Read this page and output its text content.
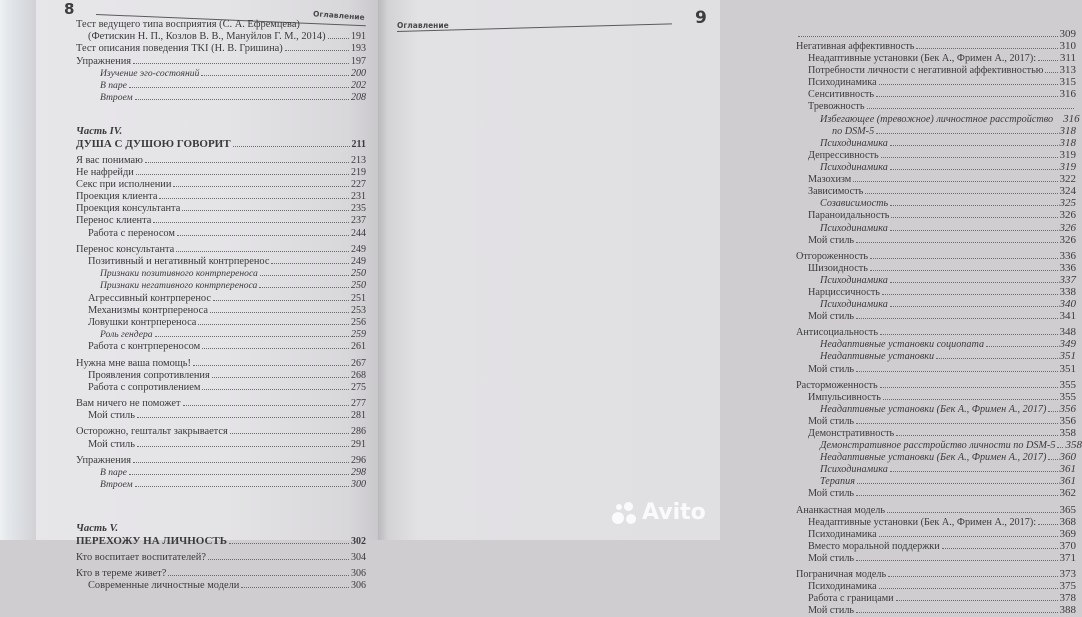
8	Оглавление
Тест ведущего типа восприятия (С. А. Ефремцева)
(Фетискин Н. П., Козлов В. В., Мануйлов Г. М., 2014)	191
Тест описания поведения TKI (Н. В. Гришина)	193
Упражнения	197
Изучение эго-состояний	200
В паре	202
Втроем	208
Часть IV.
ДУША С ДУШОЮ ГОВОРИТ	211
Я вас понимаю	213
Не нафрейди	219
Секс при исполнении	227
Проекция клиента	231
Проекция консультанта	235
Перенос клиента	237
Работа с переносом	244
Перенос консультанта	249
Позитивный и негативный контрперенос	249
Признаки позитивного контрпереноса	250
Признаки негативного контрпереноса	250
Агрессивный контрперенос	251
Механизмы контрпереноса	253
Ловушки контрпереноса	256
Роль гендера	259
Работа с контрпереносом	261
Нужна мне ваша помощь!	267
Проявления сопротивления	268
Работа с сопротивлением	275
Вам ничего не поможет	277
Мой стиль	281
Осторожно, гештальт закрывается	286
Мой стиль	291
Упражнения	296
В паре	298
Втроем	300
Часть V.
ПЕРЕХОЖУ НА ЛИЧНОСТЬ	302
Кто воспитает воспитателей?	304
Кто в тереме живет?	306
Современные личностные модели	306
309
Негативная аффективность	310
Неадаптивные установки (Бек А., Фримен А., 2017): 311
Потребности личности с негативной аффективностью 313
Психодинамика	315
Сенситивность	316
Тревожность
Избегающее (тревожное) личностное расстройство 316
по DSM-5	318
Психодинамика	318
Депрессивность	319
Психодинамика	319
Мазохизм	322
Зависимость	324
Созависимость	325
Параноидальность	326
Психодинамика	326
Мой стиль	326
Отгороженность	336
Шизоидность	336
Психодинамика	337
Нарциссичность	338
Психодинамика	340
Мой стиль	341
Антисоциальность	348
Неадаптивные установки социопата	349
Неадаптивные установки	351
Мой стиль	351
Расторможенность	355
Импульсивность	355
Неадаптивные установки (Бек А., Фримен А., 2017) 356
Мой стиль	356
Демонстративность	358
Демонстративное расстройство личности по DSM-5 358
Неадаптивные установки (Бек А., Фримен А., 2017) 360
Психодинамика	361
Терапия	361
Мой стиль	362
Ананкастная модель	365
Неадаптивные установки (Бек А., Фримен А., 2017): 368
Психодинамика	369
Вместо моральной поддержки	370
Мой стиль	371
Пограничная модель	373
Психодинамика	375
Работа с границами	378
Мой стиль	388
9
Оглавление
Avito
